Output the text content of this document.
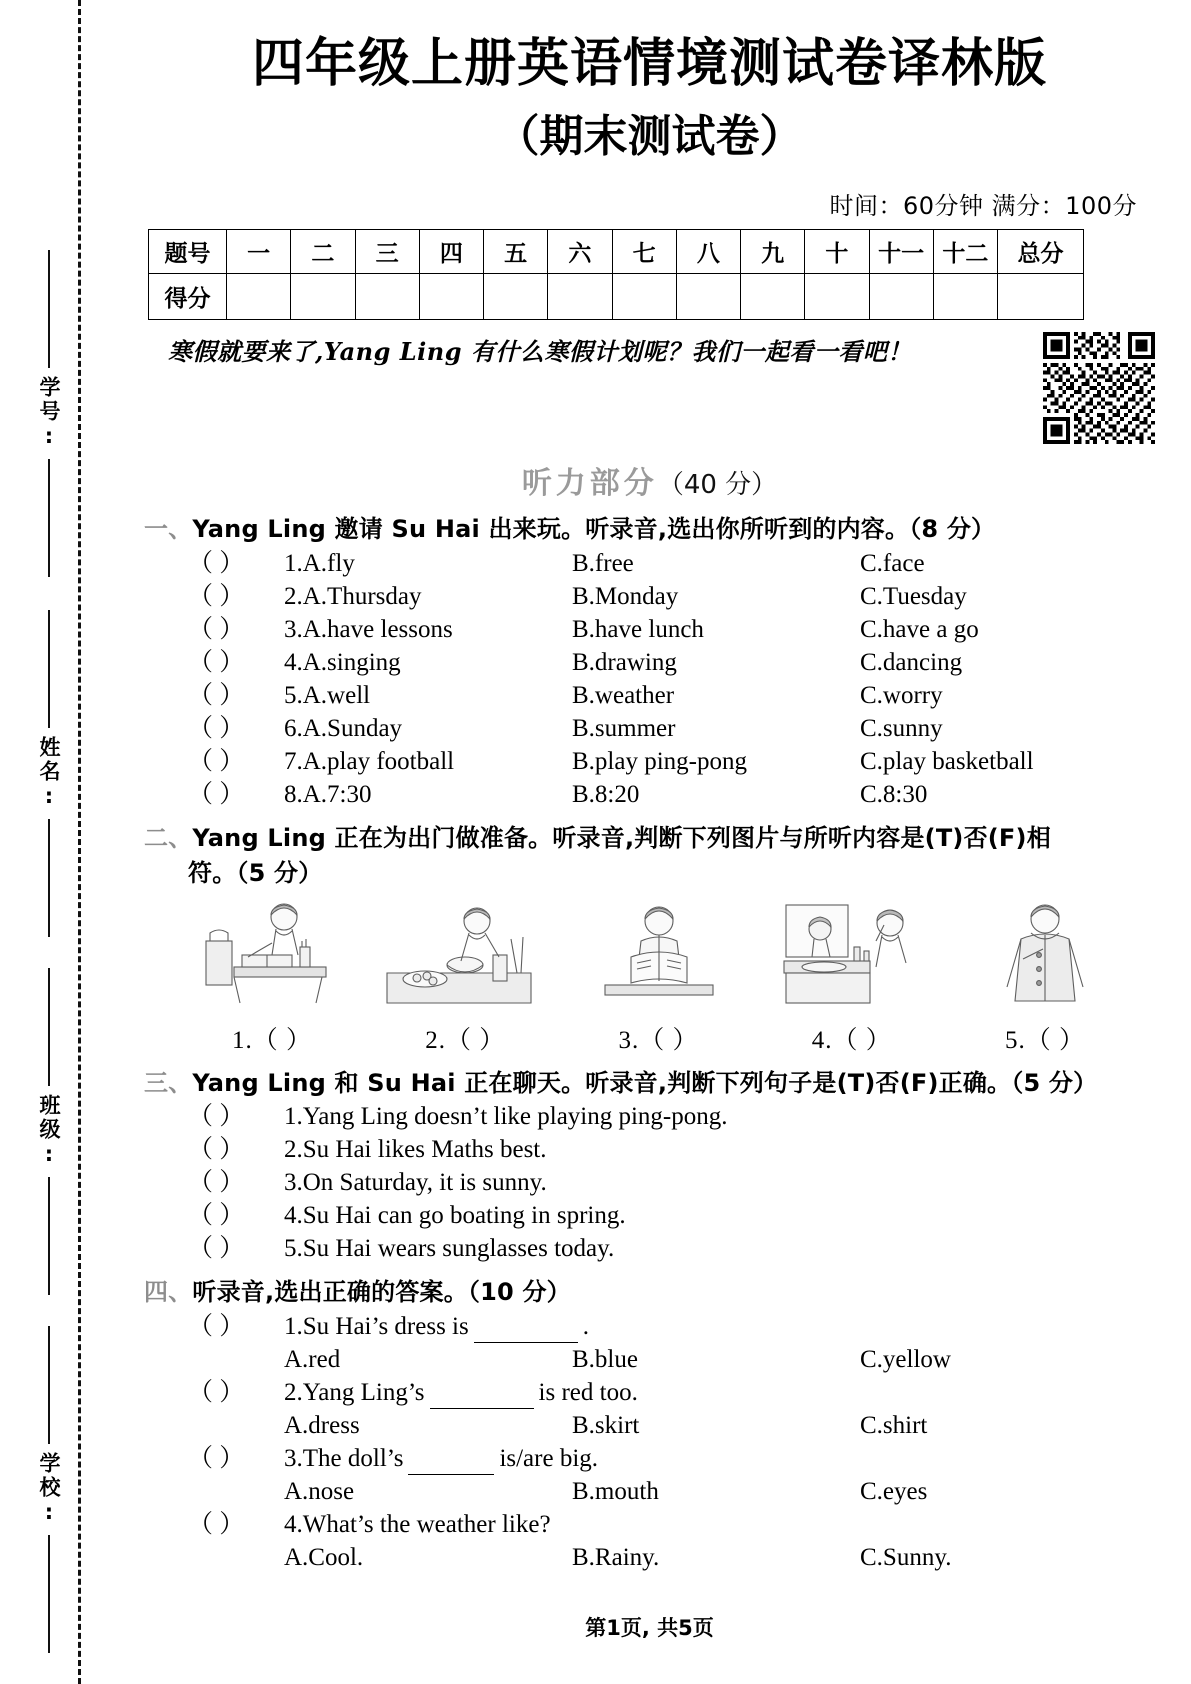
学号:
姓名:
班级:
学校:
四年级上册英语情境测试卷译林版
（期末测试卷）
时间：60分钟 满分：100分
题号	一	二	三	四	五	六	七	八	九	十	十一	十二	总分
得分													
寒假就要来了,Yang Ling 有什么寒假计划呢？我们一起看一看吧！
听力部分（40 分）
一、Yang Ling 邀请 Su Hai 出来玩。听录音,选出你所听到的内容。（8 分）
（ ）	1.A.fly	B.free	C.face
（ ）	2.A.Thursday	B.Monday	C.Tuesday
（ ）	3.A.have lessons	B.have lunch	C.have a go
（ ）	4.A.singing	B.drawing	C.dancing
（ ）	5.A.well	B.weather	C.worry
（ ）	6.A.Sunday	B.summer	C.sunny
（ ）	7.A.play football	B.play ping-pong	C.play basketball
（ ）	8.A.7:30	B.8:20	C.8:30
二、Yang Ling 正在为出门做准备。听录音,判断下列图片与所听内容是(T)否(F)相
符。（5 分）
1.（ ）	2.（ ）	3.（ ）	4.（ ）	5.（ ）
三、Yang Ling 和 Su Hai 正在聊天。听录音,判断下列句子是(T)否(F)正确。（5 分）
（ ）	1.Yang Ling doesn’t like playing ping-pong.
（ ）	2.Su Hai likes Maths best.
（ ）	3.On Saturday, it is sunny.
（ ）	4.Su Hai can go boating in spring.
（ ）	5.Su Hai wears sunglasses today.
四、听录音,选出正确的答案。（10 分）
（ ）	1.Su Hai’s dress is	.
A.red	B.blue	C.yellow
（ ）	2.Yang Ling’s	is red too.
A.dress	B.skirt	C.shirt
（ ）	3.The doll’s	is/are big.
A.nose	B.mouth	C.eyes
（ ）	4.What’s the weather like?
A.Cool.	B.Rainy.	C.Sunny.
第1页, 共5页
